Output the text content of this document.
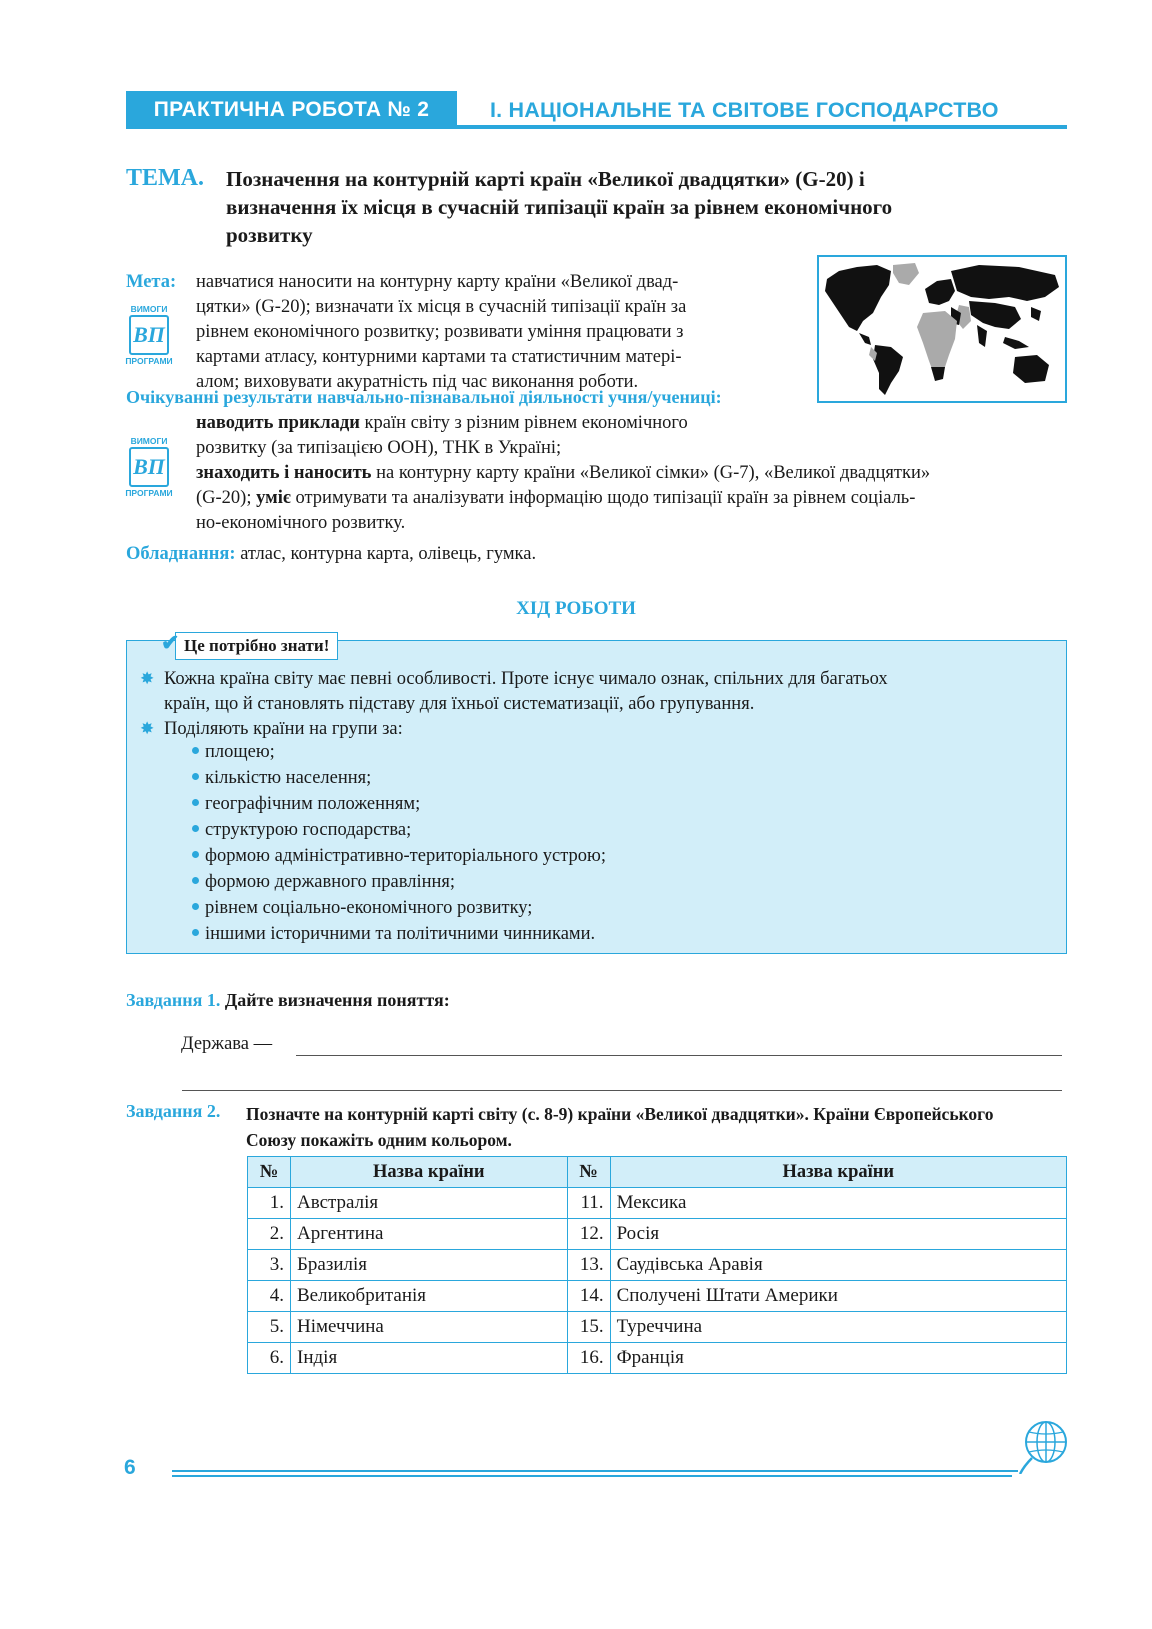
ПРАКТИЧНА РОБОТА № 2	І. НАЦІОНАЛЬНЕ ТА СВІТОВЕ ГОСПОДАРСТВО
ТЕМА. Позначення на контурній карті країн «Великої двадцятки» (G-20) і
визначення їх місця в сучасній типізації країн за рівнем економічного
розвитку
Мета: навчатися наносити на контурну карту країни «Великої двад-
цятки» (G-20); визначати їх місця в сучасній типізації країн за
рівнем економічного розвитку; розвивати уміння працювати з
картами атласу, контурними картами та статистичним матері-
алом; виховувати акуратність під час виконання роботи.
ВИМОГИ
ВП
ПРОГРАМИ
ВИМОГИ
ВП
ПРОГРАМИ
Очікуванні результати навчально-пізнавальної діяльності учня/учениці:
наводить приклади країн світу з різним рівнем економічного
розвитку (за типізацією ООН), ТНК в Україні;
знаходить і наносить на контурну карту країни «Великої сімки» (G-7), «Великої двадцятки»
(G-20); уміє отримувати та аналізувати інформацію щодо типізації країн за рівнем соціаль-
но-економічного розвитку.
Обладнання: атлас, контурна карта, олівець, гумка.
ХІД РОБОТИ
Це потрібно знати!
✔
✸ Кожна країна світу має певні особливості. Проте існує чимало ознак, спільних для багатьох
країн, що й становлять підставу для їхньої систематизації, або групування.
✸ Поділяють країни на групи за:
площею;
кількістю населення;
географічним положенням;
структурою господарства;
формою адміністративно-територіального устрою;
формою державного правління;
рівнем соціально-економічного розвитку;
іншими історичними та політичними чинниками.
Завдання 1. Дайте визначення поняття:
Держава —
Завдання 2. Позначте на контурній карті світу (с. 8-9) країни «Великої двадцятки». Країни Європейського
Союзу покажіть одним кольором.
№	Назва країни	№	Назва країни
1.	Австралія	11.	Мексика
2.	Аргентина	12.	Росія
3.	Бразилія	13.	Саудівська Аравія
4.	Великобританія	14.	Сполучені Штати Америки
5.	Німеччина	15.	Туреччина
6.	Індія	16.	Франція
6
